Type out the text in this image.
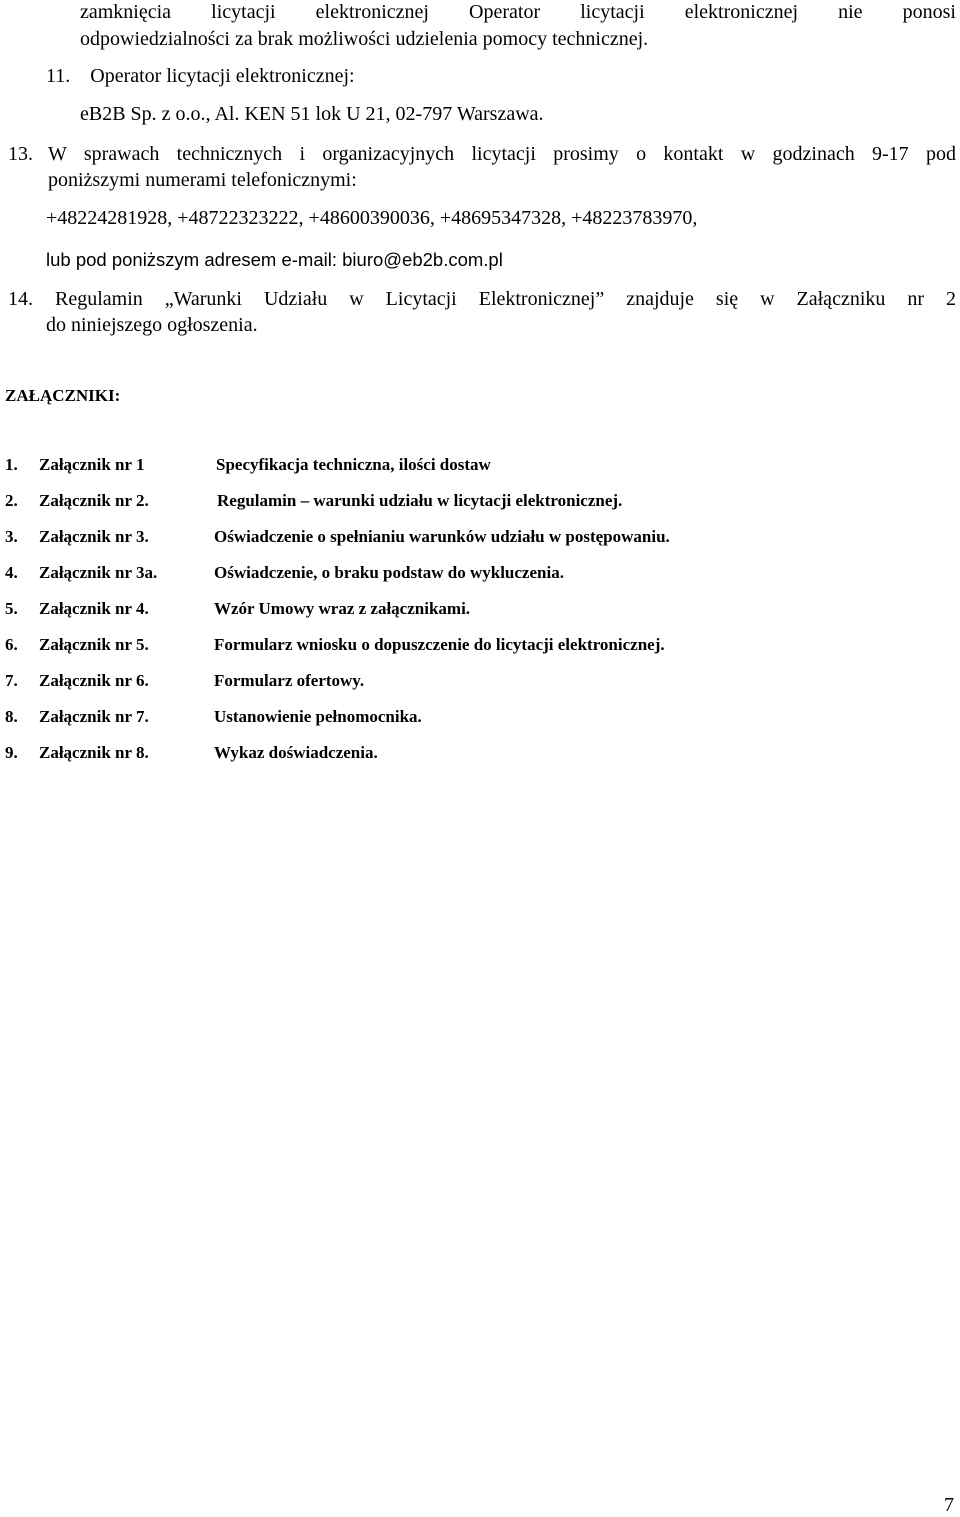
zamknięcia licytacji elektronicznej Operator licytacji elektronicznej nie ponosi
odpowiedzialności za brak możliwości udzielenia pomocy technicznej.
11. Operator licytacji elektronicznej:
eB2B Sp. z o.o., Al. KEN 51 lok U 21, 02-797 Warszawa.
13. W sprawach technicznych i organizacyjnych licytacji prosimy o kontakt w godzinach 9-17 pod
poniższymi numerami telefonicznymi:
+48224281928, +48722323222, +48600390036, +48695347328, +48223783970,
lub pod poniższym adresem e-mail: biuro@eb2b.com.pl
14. Regulamin „Warunki Udziału w Licytacji Elektronicznej” znajduje się w Załączniku nr 2
do niniejszego ogłoszenia.
ZAŁĄCZNIKI:
1. Załącznik nr 1	Specyfikacja techniczna, ilości dostaw
2. Załącznik nr 2.	Regulamin – warunki udziału w licytacji elektronicznej.
3. Załącznik nr 3.	Oświadczenie o spełnianiu warunków udziału w postępowaniu.
4. Załącznik nr 3a.	Oświadczenie, o braku podstaw do wykluczenia.
5. Załącznik nr 4.	Wzór Umowy wraz z załącznikami.
6. Załącznik nr 5.	Formularz wniosku o dopuszczenie do licytacji elektronicznej.
7. Załącznik nr 6.	Formularz ofertowy.
8. Załącznik nr 7.	Ustanowienie pełnomocnika.
9. Załącznik nr 8.	Wykaz doświadczenia.
7
